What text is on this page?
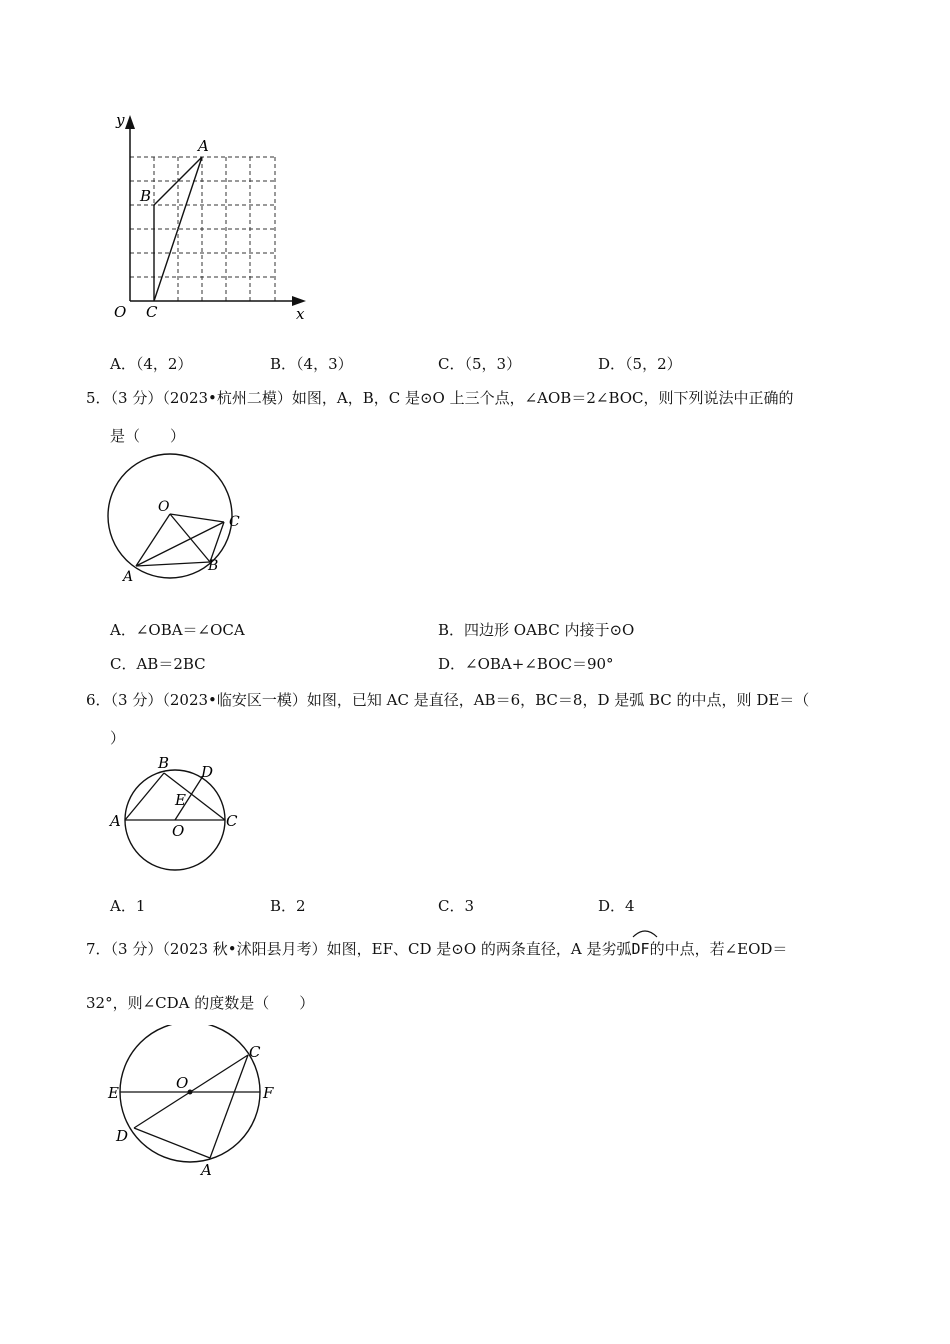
y
x
O
A
B
C
A．（4，2）	B．（4，3）	C．（5，3）	D．（5，2）
5．（3 分）（2023•杭州二模）如图，A，B，C 是⊙O 上三个点，∠AOB＝2∠BOC，则下列说法中正确的
是（　　）
O
A
B
C
A．∠OBA＝∠OCA	B．四边形 OABC 内接于⊙O
C．AB＝2BC	D．∠OBA+∠BOC＝90°
6．（3 分）（2023•临安区一模）如图，已知 AC 是直径，AB＝6，BC＝8，D 是弧 BC 的中点，则 DE＝（
）
A
B
C
D
E
O
A．1	B．2	C．3	D．4
7．（3 分）（2023 秋•沭阳县月考）如图，EF、CD 是⊙O 的两条直径，A 是劣弧
DF的中点，若∠EOD＝
32°，则∠CDA 的度数是（　　）
O
E	F
C
D
A
